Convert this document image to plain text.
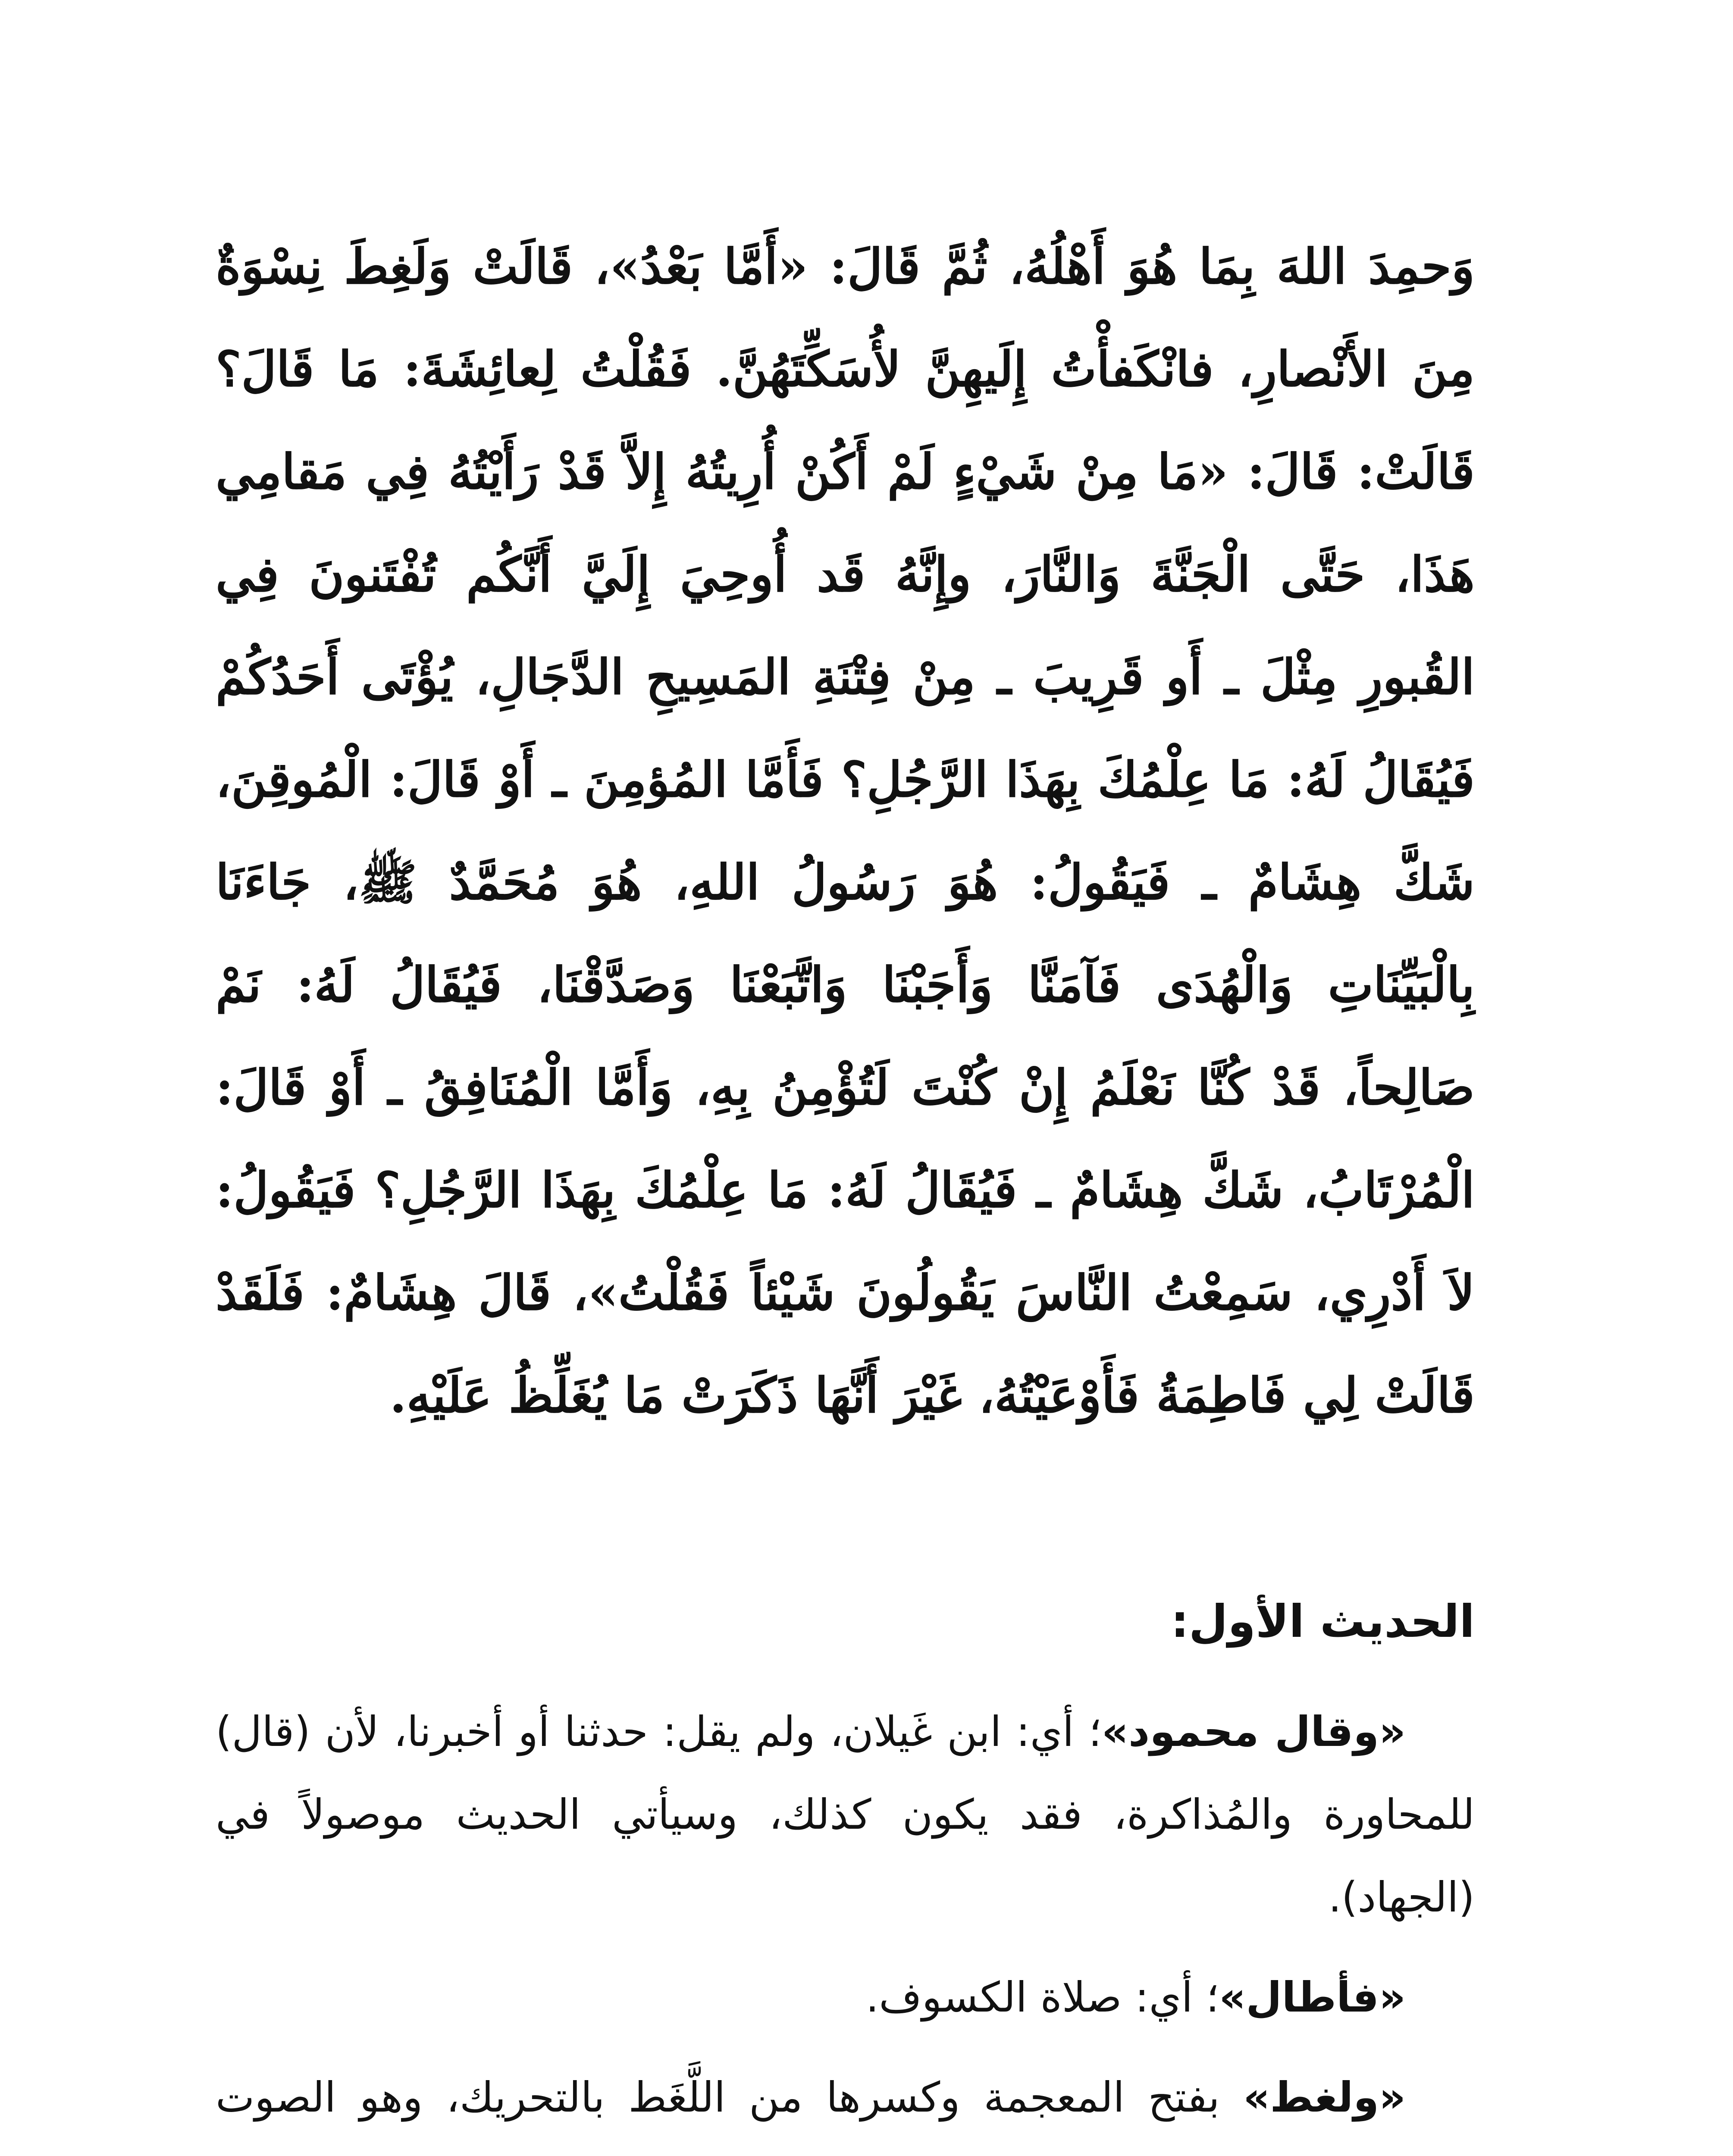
وَحمِدَ اللهَ بِمَا هُوَ أَهْلُهُ، ثُمَّ قَالَ: «أَمَّا بَعْدُ»، قَالَتْ وَلَغِطَ نِسْوَةٌ مِنَ الأَنْصارِ، فانْكَفأْتُ إِلَيهِنَّ لأُسَكِّتَهُنَّ. فَقُلْتُ لِعائِشَةَ: مَا قَالَ؟ قَالَتْ: قَالَ: «مَا مِنْ شَيْءٍ لَمْ أَكُنْ أُرِيتُهُ إِلاَّ قَدْ رَأَيْتُهُ فِي مَقامِي هَذَا، حَتَّى الْجَنَّةَ وَالنَّارَ، وإِنَّهُ قَد أُوحِيَ إِلَيَّ أَنَّكُم تُفْتَنونَ فِي القُبورِ مِثْلَ ـ أَو قَرِيبَ ـ مِنْ فِتْنَةِ المَسِيحِ الدَّجَالِ، يُؤْتَى أَحَدُكُمْ فَيُقَالُ لَهُ: مَا عِلْمُكَ بِهَذَا الرَّجُلِ؟ فَأَمَّا المُؤمِنَ ـ أَوْ قَالَ: الْمُوقِنَ، شَكَّ هِشَامٌ ـ فَيَقُولُ: هُوَ رَسُولُ اللهِ، هُوَ مُحَمَّدٌ ﷺ، جَاءَنَا بِالْبَيِّنَاتِ وَالْهُدَى فَآمَنَّا وَأَجَبْنَا وَاتَّبَعْنَا وَصَدَّقْنَا، فَيُقَالُ لَهُ: نَمْ صَالِحاً، قَدْ كُنَّا نَعْلَمُ إِنْ كُنْتَ لَتُؤْمِنُ بِهِ، وَأَمَّا الْمُنَافِقُ ـ أَوْ قَالَ: الْمُرْتَابُ، شَكَّ هِشَامٌ ـ فَيُقَالُ لَهُ: مَا عِلْمُكَ بِهَذَا الرَّجُلِ؟ فَيَقُولُ: لاَ أَدْرِي، سَمِعْتُ النَّاسَ يَقُولُونَ شَيْئاً فَقُلْتُ»، قَالَ هِشَامٌ: فَلَقَدْ قَالَتْ لِي فَاطِمَةُ فَأَوْعَيْتُهُ، غَيْرَ أَنَّهَا ذَكَرَتْ مَا يُغَلِّظُ عَلَيْهِ.

الحديث الأول:

«وقال محمود»؛ أي: ابن غَيلان، ولم يقل: حدثنا أو أخبرنا، لأن (قال) للمحاورة والمُذاكرة، فقد يكون كذلك، وسيأتي الحديث موصولاً في (الجهاد).

«فأطال»؛ أي: صلاة الكسوف.

«ولغط» بفتح المعجمة وكسرها من اللَّغَط بالتحريك، وهو الصوت
